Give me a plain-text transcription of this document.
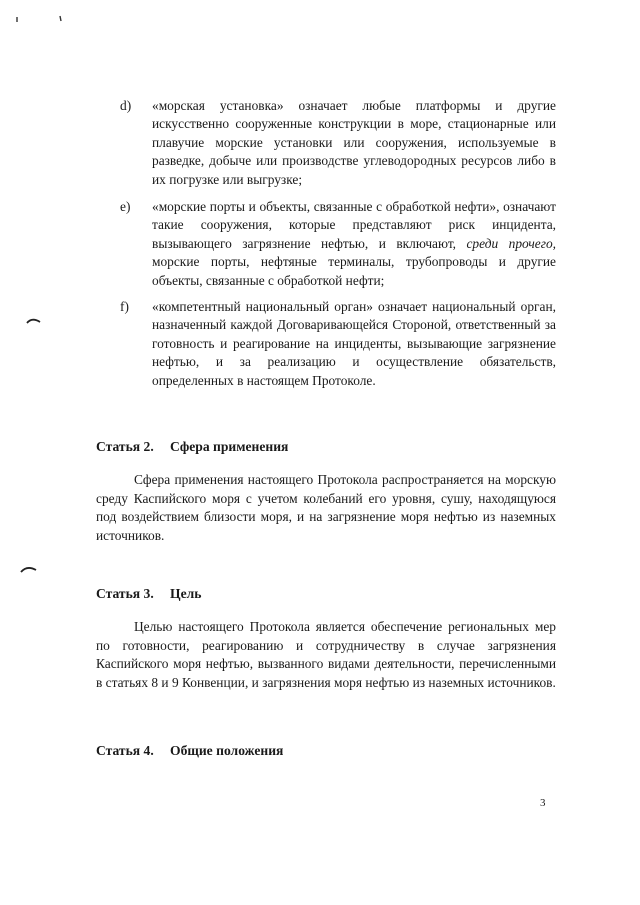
d) «морская установка» означает любые платформы и другие искусственно сооруженные конструкции в море, стационарные или плавучие морские установки или сооружения, используемые в разведке, добыче или производстве углеводородных ресурсов либо в их погрузке или выгрузке;
e) «морские порты и объекты, связанные с обработкой нефти», означают такие сооружения, которые представляют риск инцидента, вызывающего загрязнение нефтью, и включают, среди прочего, морские порты, нефтяные терминалы, трубопроводы и другие объекты, связанные с обработкой нефти;
f) «компетентный национальный орган» означает национальный орган, назначенный каждой Договаривающейся Стороной, ответственный за готовность и реагирование на инциденты, вызывающие загрязнение нефтью, и за реализацию и осуществление обязательств, определенных в настоящем Протоколе.
Статья 2. Сфера применения
Сфера применения настоящего Протокола распространяется на морскую среду Каспийского моря с учетом колебаний его уровня, сушу, находящуюся под воздействием близости моря, и на загрязнение моря нефтью из наземных источников.
Статья 3. Цель
Целью настоящего Протокола является обеспечение региональных мер по готовности, реагированию и сотрудничеству в случае загрязнения Каспийского моря нефтью, вызванного видами деятельности, перечисленными в статьях 8 и 9 Конвенции, и загрязнения моря нефтью из наземных источников.
Статья 4. Общие положения
3
